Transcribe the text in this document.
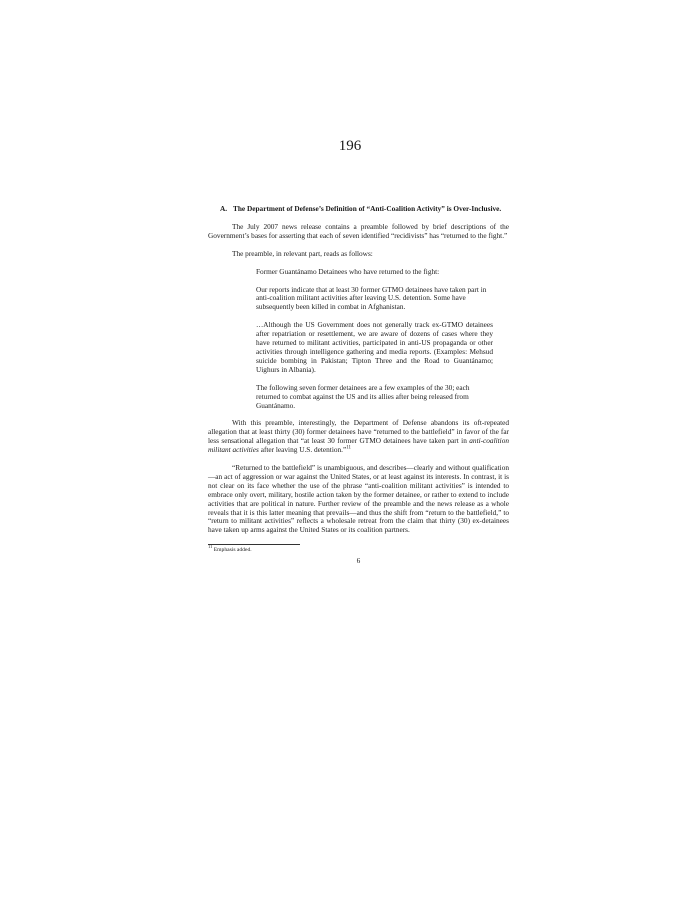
196
A. The Department of Defense’s Definition of “Anti-Coalition Activity” is Over-Inclusive.

The July 2007 news release contains a preamble followed by brief descriptions of the Government’s bases for asserting that each of seven identified “recidivists” has “returned to the fight.”

The preamble, in relevant part, reads as follows:

Former Guantánamo Detainees who have returned to the fight:

Our reports indicate that at least 30 former GTMO detainees have taken part in anti-coalition militant activities after leaving U.S. detention. Some have subsequently been killed in combat in Afghanistan.

…Although the US Government does not generally track ex-GTMO detainees after repatriation or resettlement, we are aware of dozens of cases where they have returned to militant activities, participated in anti-US propaganda or other activities through intelligence gathering and media reports. (Examples: Mehsud suicide bombing in Pakistan; Tipton Three and the Road to Guantánamo; Uighurs in Albania).

The following seven former detainees are a few examples of the 30; each returned to combat against the US and its allies after being released from Guantánamo.

With this preamble, interestingly, the Department of Defense abandons its oft-repeated allegation that at least thirty (30) former detainees have “returned to the battlefield” in favor of the far less sensational allegation that “at least 30 former GTMO detainees have taken part in anti-coalition militant activities after leaving U.S. detention.”$^{11}$

“Returned to the battlefield” is unambiguous, and describes—clearly and without qualification—an act of aggression or war against the United States, or at least against its interests. In contrast, it is not clear on its face whether the use of the phrase “anti-coalition militant activities” is intended to embrace only overt, military, hostile action taken by the former detainee, or rather to extend to include activities that are political in nature. Further review of the preamble and the news release as a whole reveals that it is this latter meaning that prevails—and thus the shift from “return to the battlefield,” to “return to militant activities” reflects a wholesale retreat from the claim that thirty (30) ex-detainees have taken up arms against the United States or its coalition partners.

$^{11}$ Emphasis added.
6
